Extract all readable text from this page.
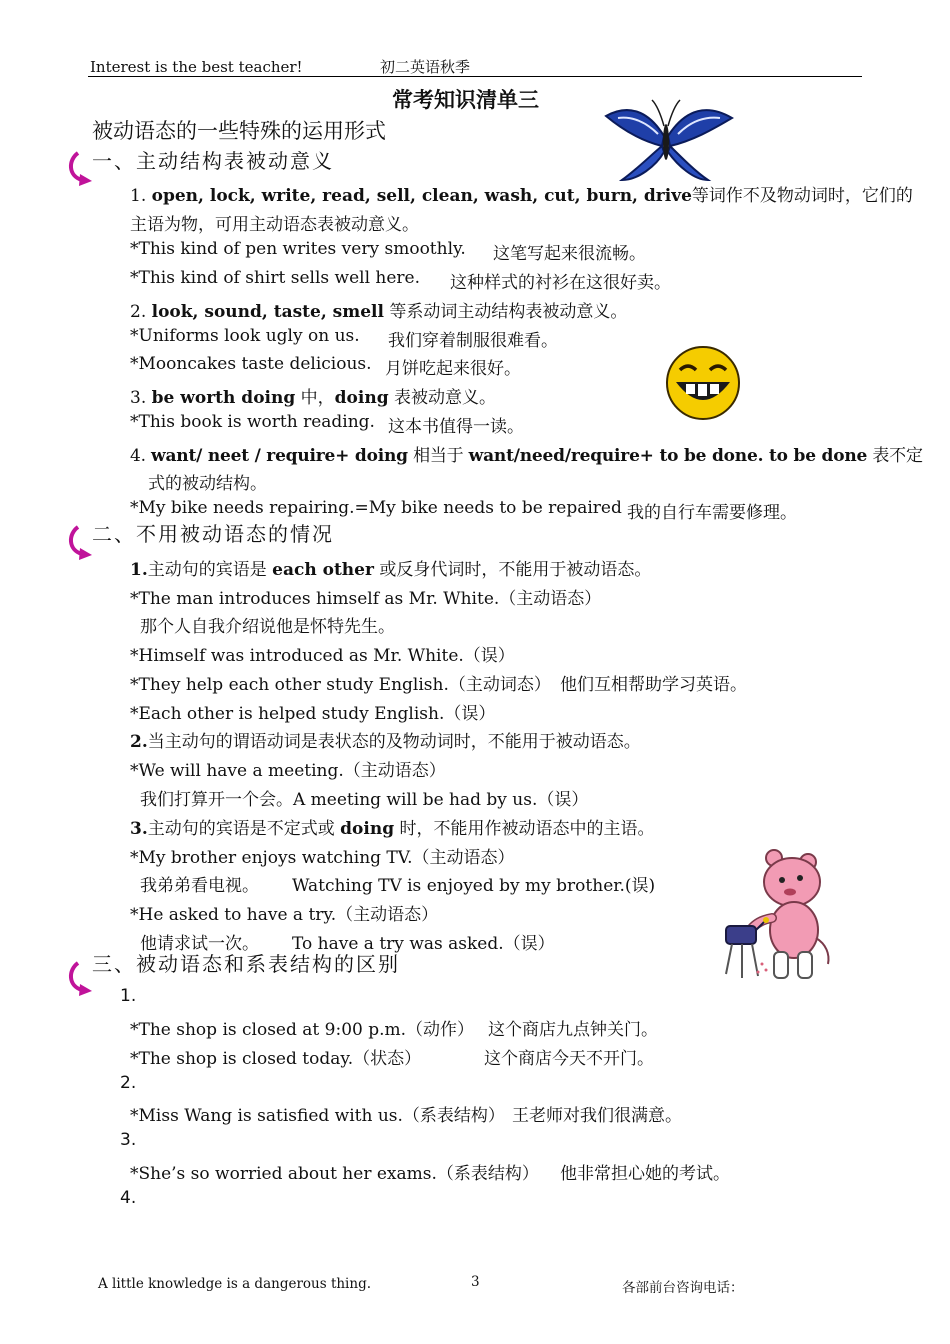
Interest is the best teacher!	初二英语秋季
常考知识清单三
被动语态的一些特殊的运用形式
一、主动结构表被动意义
1. open, lock, write, read, sell, clean, wash, cut, burn, drive等词作不及物动词时，它们的
主语为物，可用主动语态表被动意义。
*This kind of pen writes very smoothly. 这笔写起来很流畅。
*This kind of shirt sells well here. 这种样式的衬衫在这很好卖。
2. look, sound, taste, smell 等系动词主动结构表被动意义。
*Uniforms look ugly on us. 我们穿着制服很难看。
*Mooncakes taste delicious. 月饼吃起来很好。
3. be worth doing 中，doing 表被动意义。
*This book is worth reading. 这本书值得一读。
4. want/ neet / require+ doing 相当于 want/need/require+ to be done. to be done 表不定
式的被动结构。
*My bike needs repairing.=My bike needs to be repaired 我的自行车需要修理。
二、不用被动语态的情况
1.主动句的宾语是 each other 或反身代词时，不能用于被动语态。
*The man introduces himself as Mr. White.（主动语态）
那个人自我介绍说他是怀特先生。
*Himself was introduced as Mr. White.（误）
*They help each other study English.（主动词态） 他们互相帮助学习英语。
*Each other is helped study English.（误）
2.当主动句的谓语动词是表状态的及物动词时，不能用于被动语态。
*We will have a meeting.（主动语态）
我们打算开一个会。A meeting will be had by us.（误）
3.主动句的宾语是不定式或 doing 时，不能用作被动语态中的主语。
*My brother enjoys watching TV.（主动语态）
我弟弟看电视。 Watching TV is enjoyed by my brother.(误)
*He asked to have a try.（主动语态）
他请求试一次。 To have a try was asked.（误）
三、被动语态和系表结构的区别
1.
*The shop is closed at 9:00 p.m.（动作） 这个商店九点钟关门。
*The shop is closed today.（状态）	这个商店今天不开门。
2.
*Miss Wang is satisfied with us.（系表结构） 王老师对我们很满意。
3.
*She’s so worried about her exams.（系表结构） 他非常担心她的考试。
4.
A little knowledge is a dangerous thing.	3	各部前台咨询电话：
